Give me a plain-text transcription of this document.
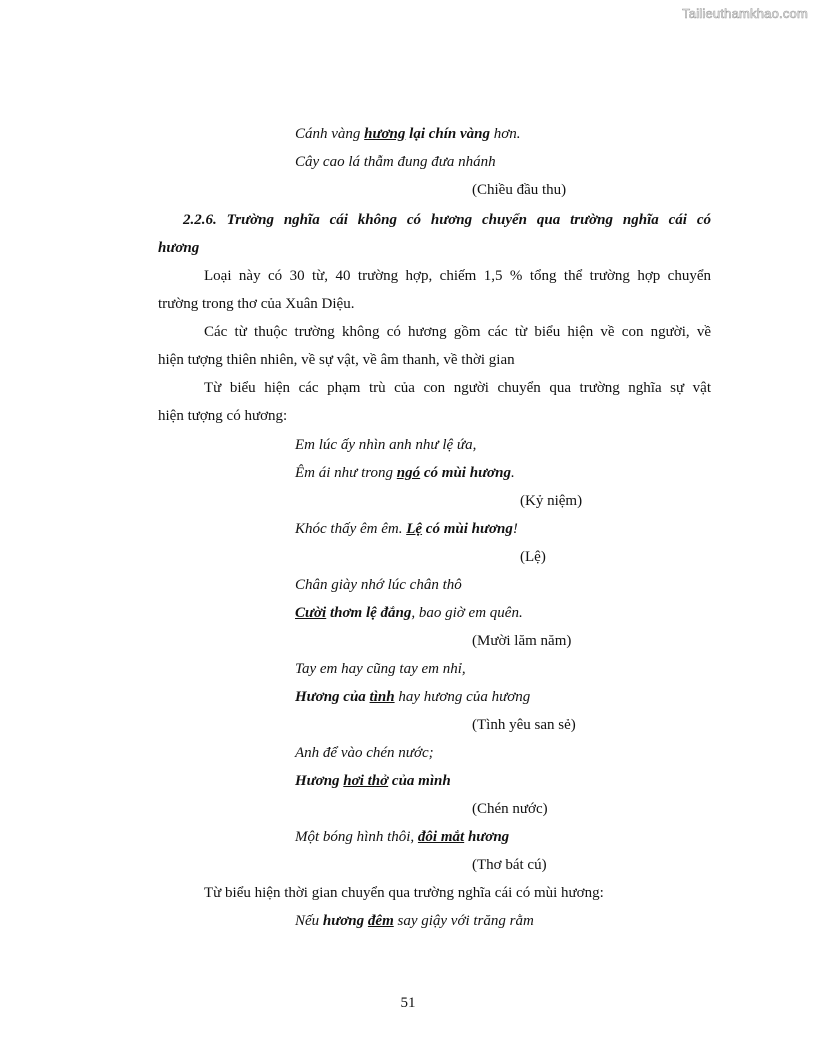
Tailieuthamkhao.com
Cánh vàng hương lại chín vàng hơn.
Cây cao lá thẫm đung đưa nhánh
(Chiều đầu thu)
2.2.6. Trường nghĩa cái không có hương chuyển qua trường nghĩa cái có
hương
Loại này có 30 từ, 40 trường hợp, chiếm 1,5 % tổng thể trường hợp chuyển
trường trong thơ của Xuân Diệu.
Các từ thuộc trường không có hương gồm các từ biểu hiện về con người, về
hiện tượng thiên nhiên, về sự vật, về âm thanh, về thời gian
Từ biểu hiện các phạm trù của con người chuyển qua trường nghĩa sự vật
hiện tượng có hương:
Em lúc ấy nhìn anh như lệ ứa,
Êm ái như trong ngó có mùi hương.
(Kỷ niệm)
Khóc thấy êm êm. Lệ có mùi hương!
(Lệ)
Chân giày nhớ lúc chân thô
Cười thơm lệ đắng, bao giờ em quên.
(Mười lăm năm)
Tay em hay cũng tay em nhỉ,
Hương của tình hay hương của hương
(Tình yêu san sẻ)
Anh để vào chén nước;
Hương hơi thở của mình
(Chén nước)
Một bóng hình thôi, đôi mắt hương
(Thơ bát cú)
Từ biểu hiện thời gian chuyển qua trường nghĩa cái có mùi hương:
Nếu hương đêm say giậy với trăng rằm
51
